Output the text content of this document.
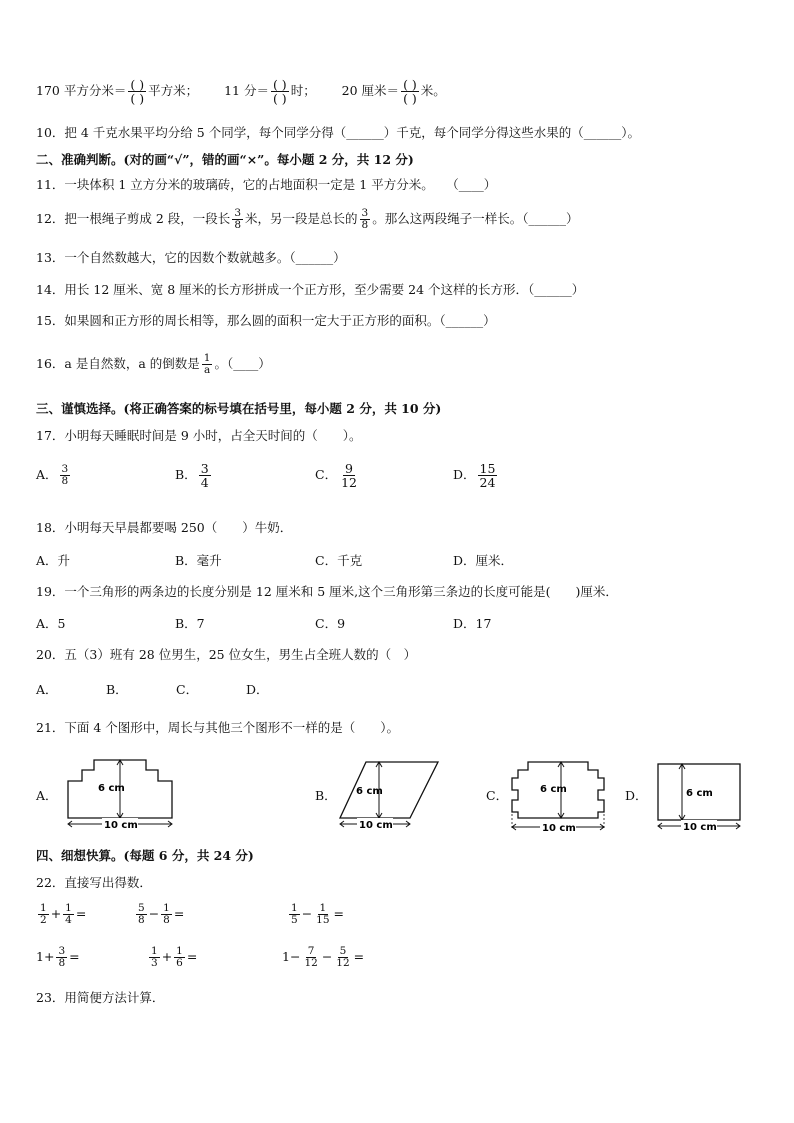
170 平方分米＝ $\frac{( )}{( )}$ 平方米； 11 分＝ $\frac{( )}{( )}$ 时； 20 厘米＝ $\frac{( )}{( )}$ 米。
10．把 4 千克水果平均分给 5 个同学，每个同学分得（______）千克，每个同学分得这些水果的（______）。
二、准确判断。(对的画“√”，错的画“×”。每小题 2 分，共 12 分)
11．一块体积 1 立方分米的玻璃砖，它的占地面积一定是 1 平方分米。　　（____）
12．把一根绳子剪成 2 段，一段长 $\frac{3}{8}$ 米，另一段是总长的 $\frac{3}{8}$ 。那么这两段绳子一样长。（______）
13．一个自然数越大，它的因数个数就越多。（______）
14．用长 12 厘米、宽 8 厘米的长方形拼成一个正方形，至少需要 24 个这样的长方形．（______）
15．如果圆和正方形的周长相等，那么圆的面积一定大于正方形的面积。（______）
16．a 是自然数，a 的倒数是 $\frac{1}{a}$ 。（____）
三、谨慎选择。(将正确答案的标号填在括号里，每小题 2 分，共 10 分)
17．小明每天睡眠时间是 9 小时，占全天时间的（　　）。
A． $\frac{3}{8}$	B． $\frac{3}{4}$	C． $\frac{9}{12}$	D． $\frac{15}{24}$
18．小明每天早晨都要喝 250（　　）牛奶．
A．升	B．毫升	C．千克	D．厘米．
19．一个三角形的两条边的长度分别是 12 厘米和 5 厘米,这个三角形第三条边的长度可能是(　　)厘米．
A．5	B．7	C．9	D．17
20．五（3）班有 28 位男生，25 位女生，男生占全班人数的（　）
A．	B．	C．	D．
21．下面 4 个图形中，周长与其他三个图形不一样的是（　　）。
A．	6 cm
10 cm
B． 6 cm
10 cm
C．	6 cm
10 cm
D．	6 cm
10 cm
四、细想快算。(每题 6 分，共 24 分)
22．直接写出得数．
$\frac{1}{2} + \frac{1}{4}$ =	$\frac{5}{8} - \frac{1}{8}$ =	$\frac{1}{5} - \frac{1}{15}$ =
$1+ \frac{3}{8}$ =	$\frac{1}{3} + \frac{1}{6}$ =	$1- \frac{7}{12} - \frac{5}{12}$ =
23．用简便方法计算．
